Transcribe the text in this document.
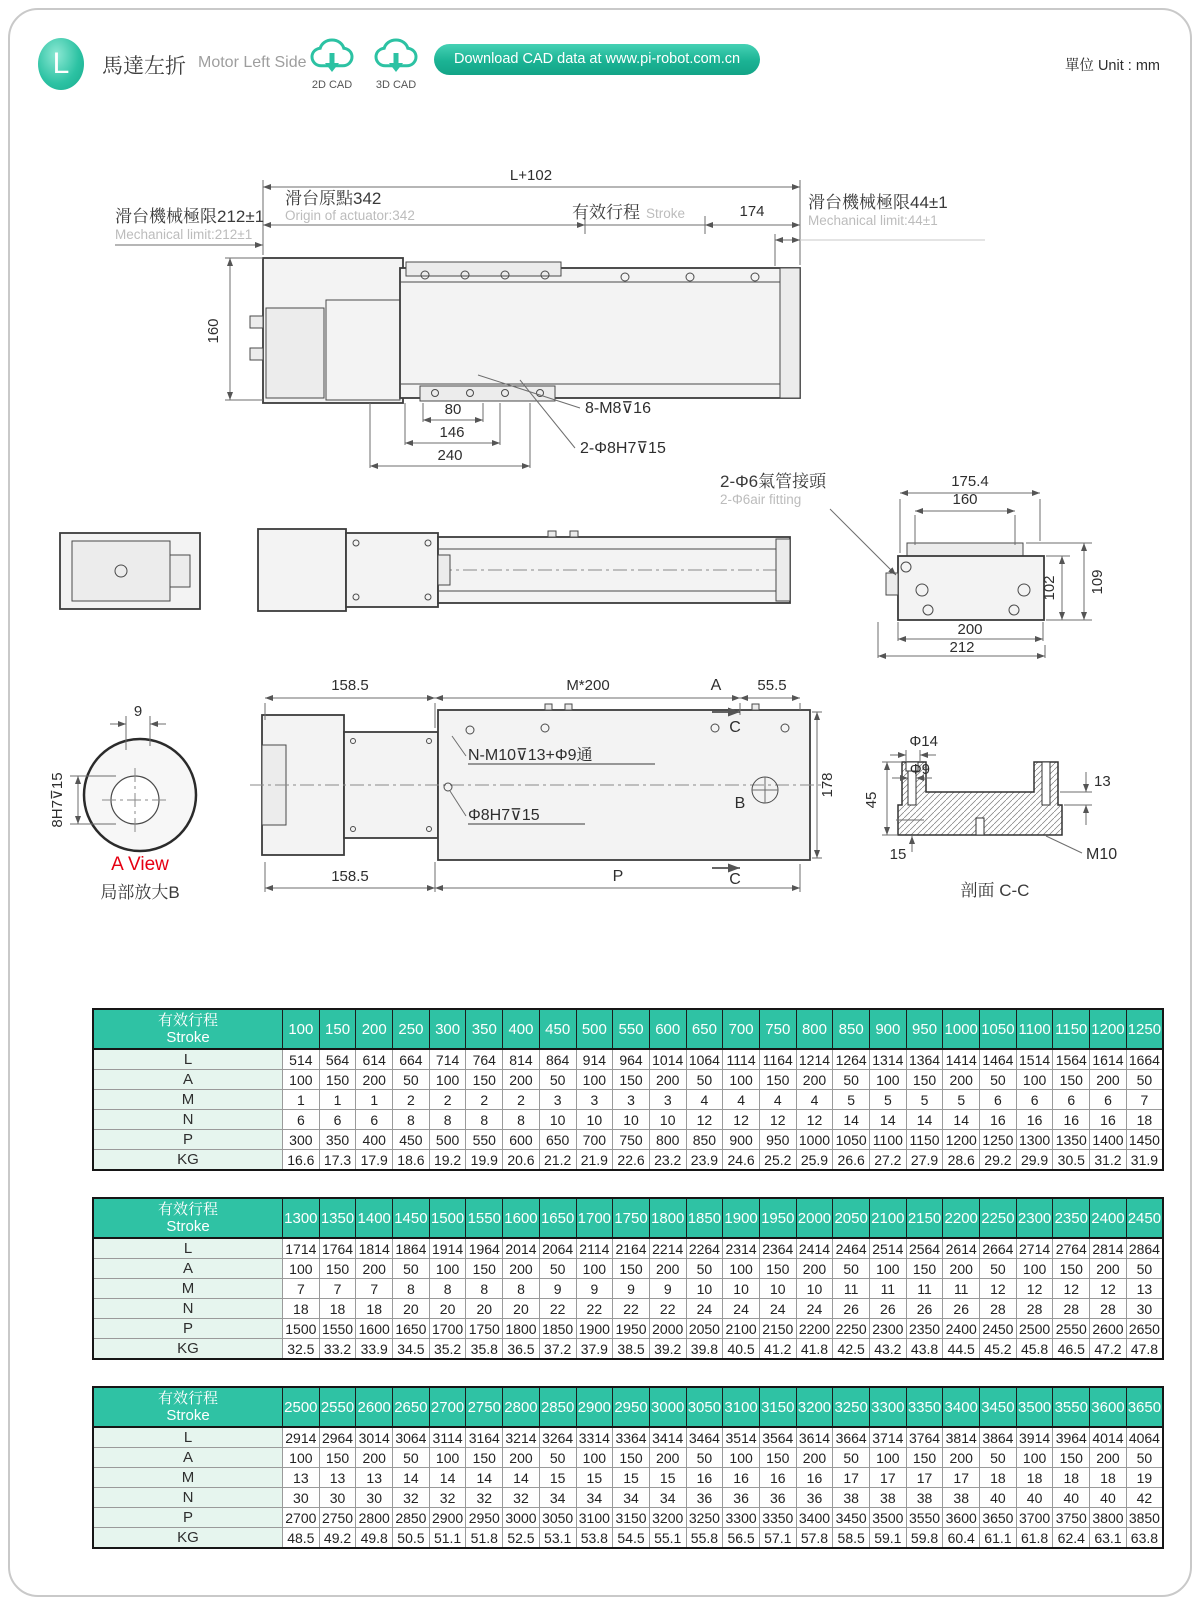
L 馬達左折 Motor Left Side
2D CAD	3D CAD
Download CAD data at www.pi-robot.com.cn	單位 Unit : mm
L+102
滑台原點342
Origin of actuator:342	有效行程 Stroke	174	滑台機械極限44±1
Mechanical limit:44±1
滑台機械極限212±1
Mechanical limit:212±1
160
80
146
240
8-M8⊽16
2-Φ8H7⊽15
2-Φ6氣管接頭
2-Φ6air fitting
175.4
160
102 109
200
212
9
8H7⊽15
A View
局部放大B
158.5	M*200	A 55.5
C
N-M10⊽13+Φ9通
Φ8H7⊽15
B
178
158.5	P	C
Φ14
Φ9
45
15
13
M10
剖面 C-C
有效行程
Stroke	100	150	200	250	300	350	400	450	500	550	600	650	700	750	800	850	900	950	1000	1050	1100	1150	1200	1250
L	514	564	614	664	714	764	814	864	914	964	1014	1064	1114	1164	1214	1264	1314	1364	1414	1464	1514	1564	1614	1664
A	100	150	200	50	100	150	200	50	100	150	200	50	100	150	200	50	100	150	200	50	100	150	200	50
M	1	1	1	2	2	2	2	3	3	3	3	4	4	4	4	5	5	5	5	6	6	6	6	7
N	6	6	6	8	8	8	8	10	10	10	10	12	12	12	12	14	14	14	14	16	16	16	16	18
P	300	350	400	450	500	550	600	650	700	750	800	850	900	950	1000	1050	1100	1150	1200	1250	1300	1350	1400	1450
KG	16.6	17.3	17.9	18.6	19.2	19.9	20.6	21.2	21.9	22.6	23.2	23.9	24.6	25.2	25.9	26.6	27.2	27.9	28.6	29.2	29.9	30.5	31.2	31.9
有效行程
Stroke	1300	1350	1400	1450	1500	1550	1600	1650	1700	1750	1800	1850	1900	1950	2000	2050	2100	2150	2200	2250	2300	2350	2400	2450
L	1714	1764	1814	1864	1914	1964	2014	2064	2114	2164	2214	2264	2314	2364	2414	2464	2514	2564	2614	2664	2714	2764	2814	2864
A	100	150	200	50	100	150	200	50	100	150	200	50	100	150	200	50	100	150	200	50	100	150	200	50
M	7	7	7	8	8	8	8	9	9	9	9	10	10	10	10	11	11	11	11	12	12	12	12	13
N	18	18	18	20	20	20	20	22	22	22	22	24	24	24	24	26	26	26	26	28	28	28	28	30
P	1500	1550	1600	1650	1700	1750	1800	1850	1900	1950	2000	2050	2100	2150	2200	2250	2300	2350	2400	2450	2500	2550	2600	2650
KG	32.5	33.2	33.9	34.5	35.2	35.8	36.5	37.2	37.9	38.5	39.2	39.8	40.5	41.2	41.8	42.5	43.2	43.8	44.5	45.2	45.8	46.5	47.2	47.8
有效行程
Stroke	2500	2550	2600	2650	2700	2750	2800	2850	2900	2950	3000	3050	3100	3150	3200	3250	3300	3350	3400	3450	3500	3550	3600	3650
L	2914	2964	3014	3064	3114	3164	3214	3264	3314	3364	3414	3464	3514	3564	3614	3664	3714	3764	3814	3864	3914	3964	4014	4064
A	100	150	200	50	100	150	200	50	100	150	200	50	100	150	200	50	100	150	200	50	100	150	200	50
M	13	13	13	14	14	14	14	15	15	15	15	16	16	16	16	17	17	17	17	18	18	18	18	19
N	30	30	30	32	32	32	32	34	34	34	34	36	36	36	36	38	38	38	38	40	40	40	40	42
P	2700	2750	2800	2850	2900	2950	3000	3050	3100	3150	3200	3250	3300	3350	3400	3450	3500	3550	3600	3650	3700	3750	3800	3850
KG	48.5	49.2	49.8	50.5	51.1	51.8	52.5	53.1	53.8	54.5	55.1	55.8	56.5	57.1	57.8	58.5	59.1	59.8	60.4	61.1	61.8	62.4	63.1	63.8
